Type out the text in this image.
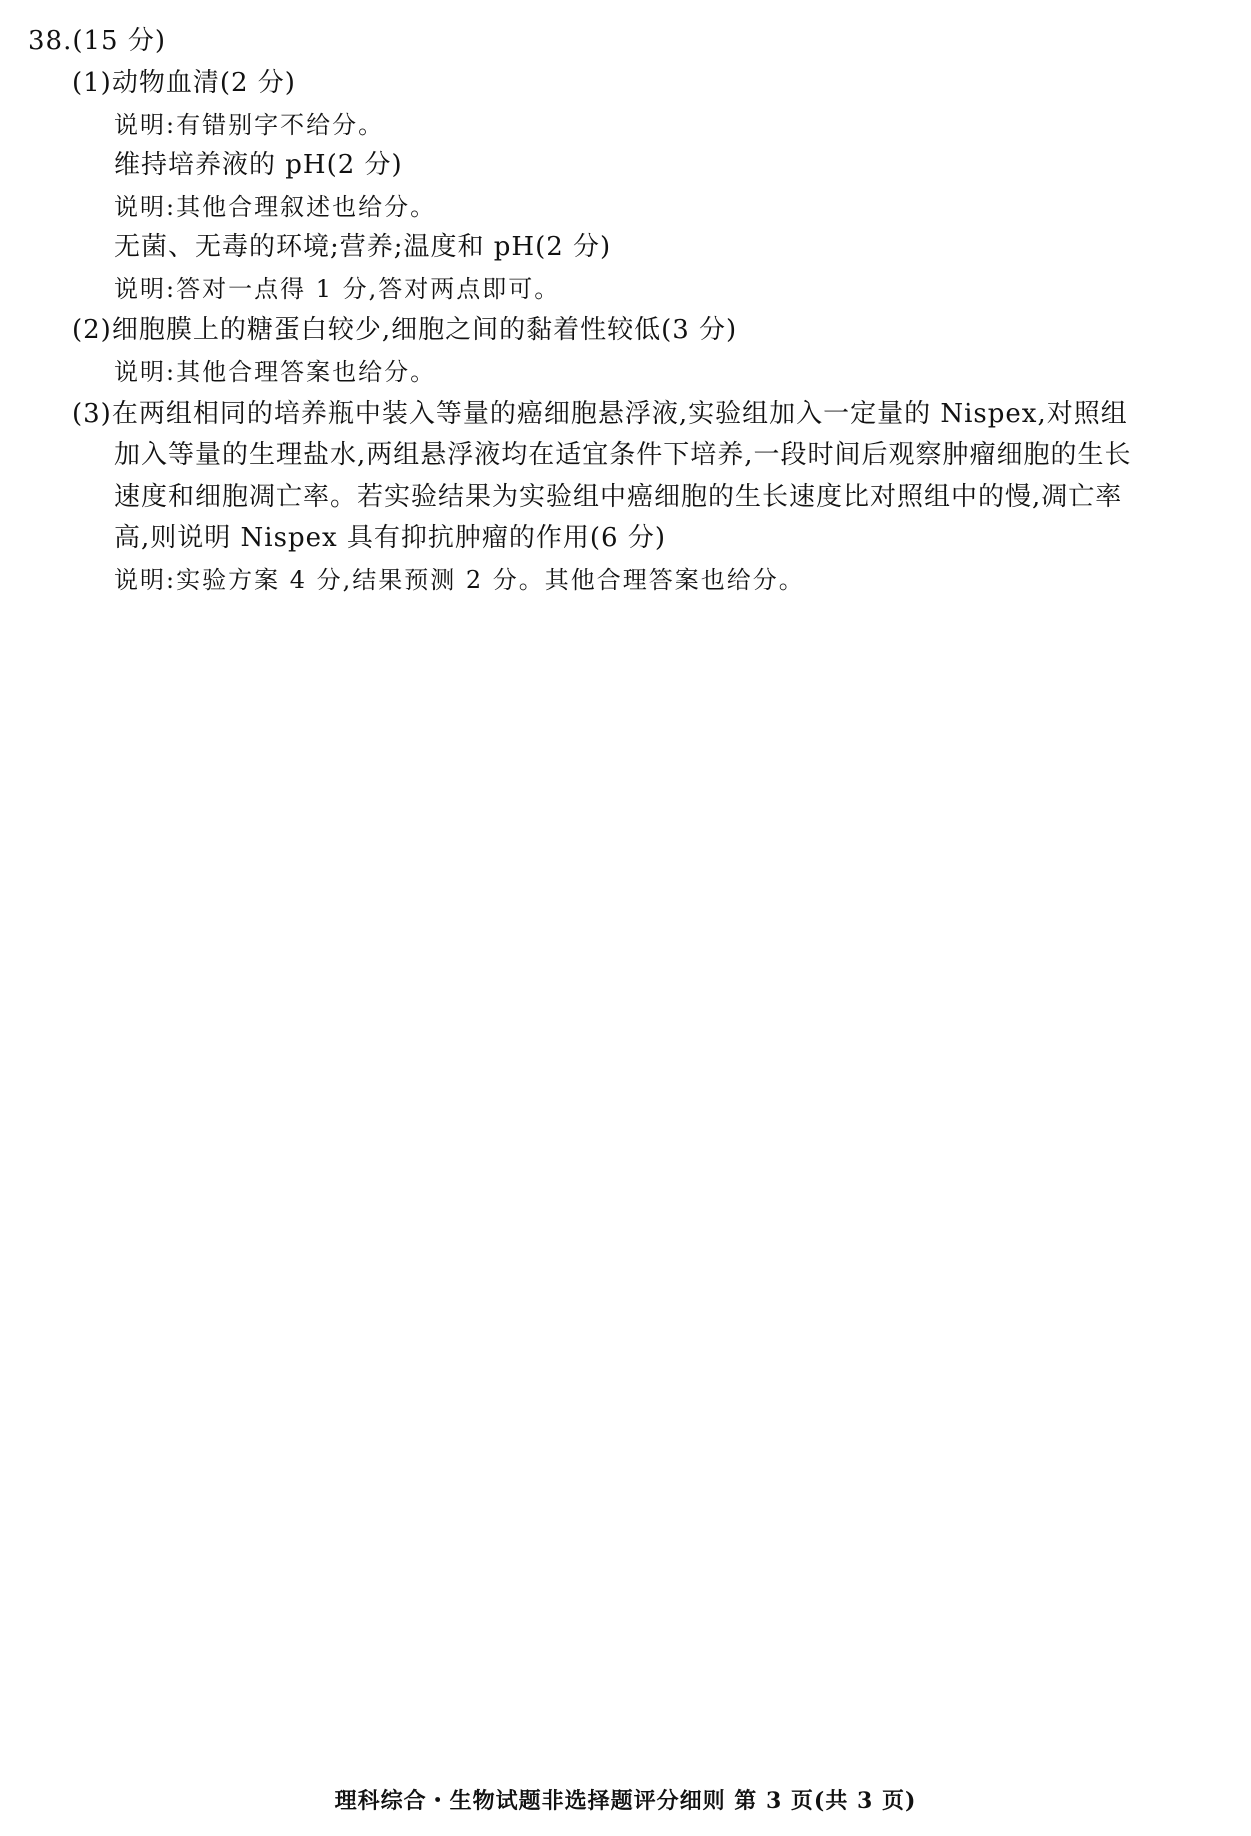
38.(15 分)
(1)动物血清(2 分)
说明:有错别字不给分。
维持培养液的 pH(2 分)
说明:其他合理叙述也给分。
无菌、无毒的环境;营养;温度和 pH(2 分)
说明:答对一点得 1 分,答对两点即可。
(2)细胞膜上的糖蛋白较少,细胞之间的黏着性较低(3 分)
说明:其他合理答案也给分。
(3)在两组相同的培养瓶中装入等量的癌细胞悬浮液,实验组加入一定量的 Nispex,对照组
加入等量的生理盐水,两组悬浮液均在适宜条件下培养,一段时间后观察肿瘤细胞的生长
速度和细胞凋亡率。若实验结果为实验组中癌细胞的生长速度比对照组中的慢,凋亡率
高,则说明 Nispex 具有抑抗肿瘤的作用(6 分)
说明:实验方案 4 分,结果预测 2 分。其他合理答案也给分。
理科综合・生物试题非选择题评分细则 第 3 页(共 3 页)
